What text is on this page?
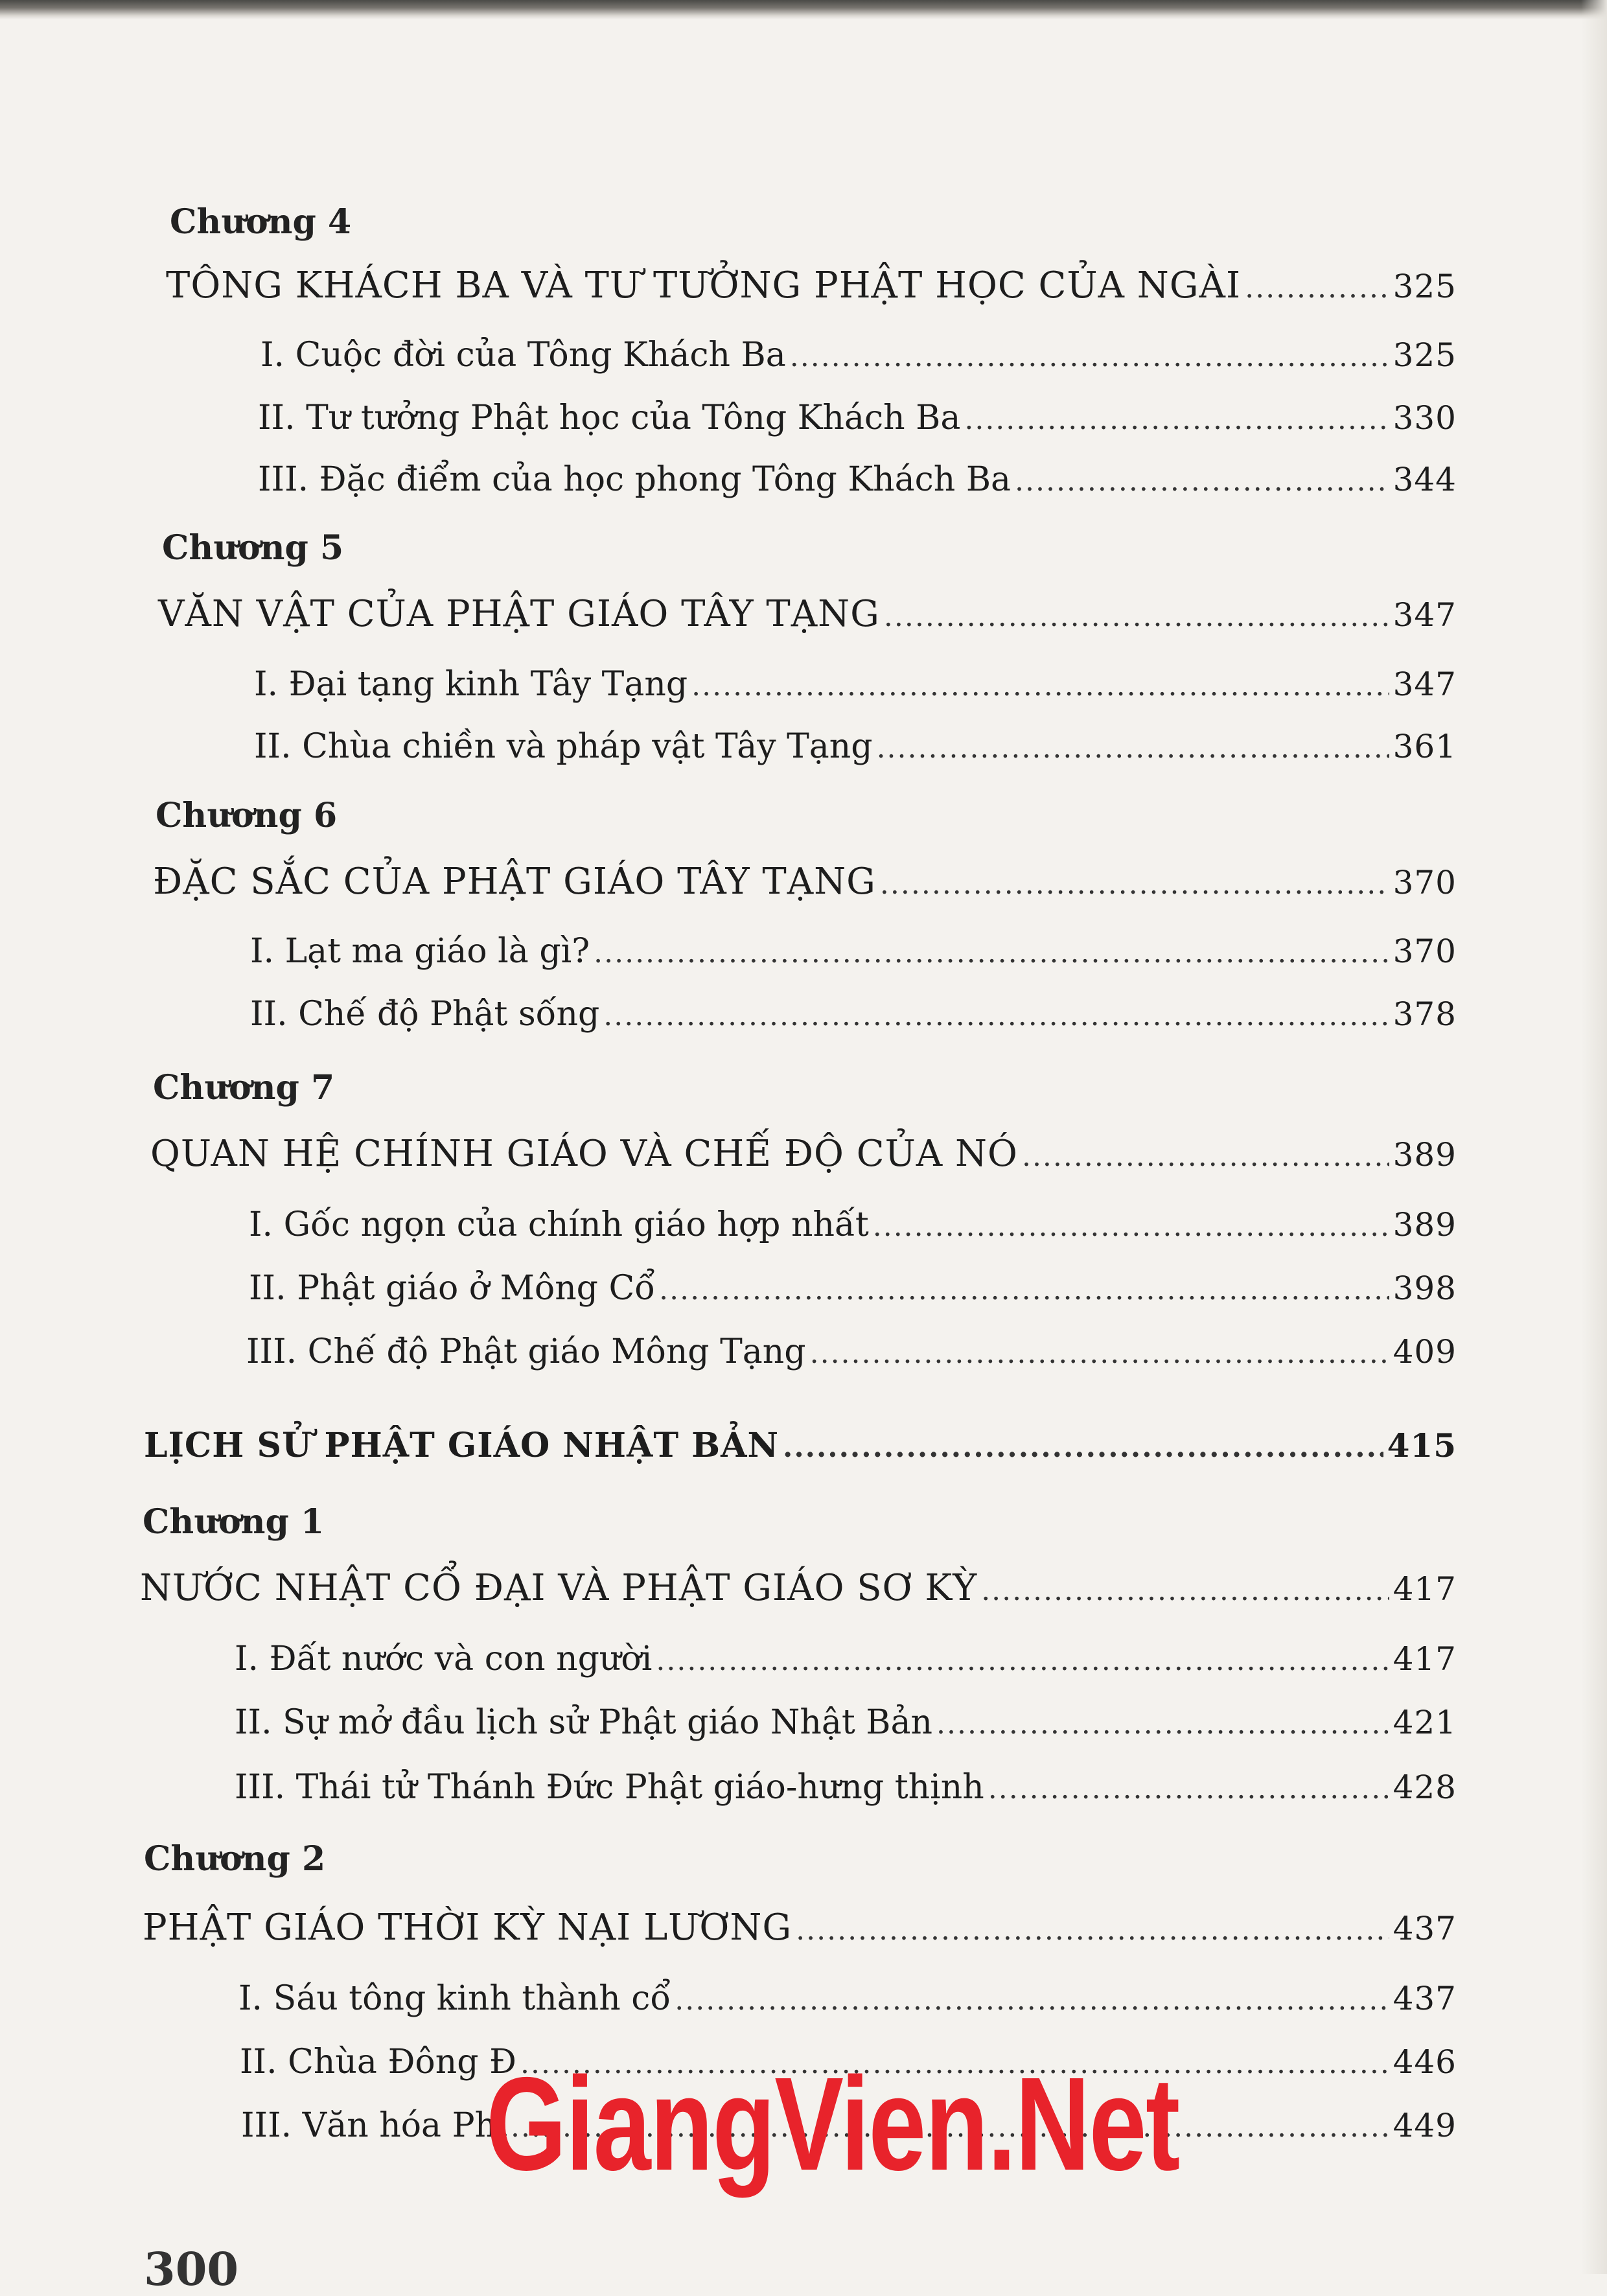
Chương 4
TÔNG KHÁCH BA VÀ TƯ TƯỞNG PHẬT HỌC CỦA NGÀI .....	325
I. Cuộc đời của Tông Khách Ba .....	325
II. Tư tưởng Phật học của Tông Khách Ba .....	330
III. Đặc điểm của học phong Tông Khách Ba .....	344
Chương 5
VĂN VẬT CỦA PHẬT GIÁO TÂY TẠNG .....	347
I. Đại tạng kinh Tây Tạng .....	347
II. Chùa chiền và pháp vật Tây Tạng .....	361
Chương 6
ĐẶC SẮC CỦA PHẬT GIÁO TÂY TẠNG .....	370
I. Lạt ma giáo là gì? .....	370
II. Chế độ Phật sống .....	378
Chương 7
QUAN HỆ CHÍNH GIÁO VÀ CHẾ ĐỘ CỦA NÓ .....	389
I. Gốc ngọn của chính giáo hợp nhất .....	389
II. Phật giáo ở Mông Cổ .....	398
III. Chế độ Phật giáo Mông Tạng .....	409
LỊCH SỬ PHẬT GIÁO NHẬT BẢN .....	415
Chương 1
NƯỚC NHẬT CỔ ĐẠI VÀ PHẬT GIÁO SƠ KỲ .....	417
I. Đất nước và con người .....	417
II. Sự mở đầu lịch sử Phật giáo Nhật Bản .....	421
III. Thái tử Thánh Đức Phật giáo-hưng thịnh .....	428
Chương 2
PHẬT GIÁO THỜI KỲ NẠI LƯƠNG .....	437
I. Sáu tông kinh thành cổ .....	437
II. Chùa Đông Đ .....	446
III. Văn hóa Ph .....	449
300
GiangVien.Net
